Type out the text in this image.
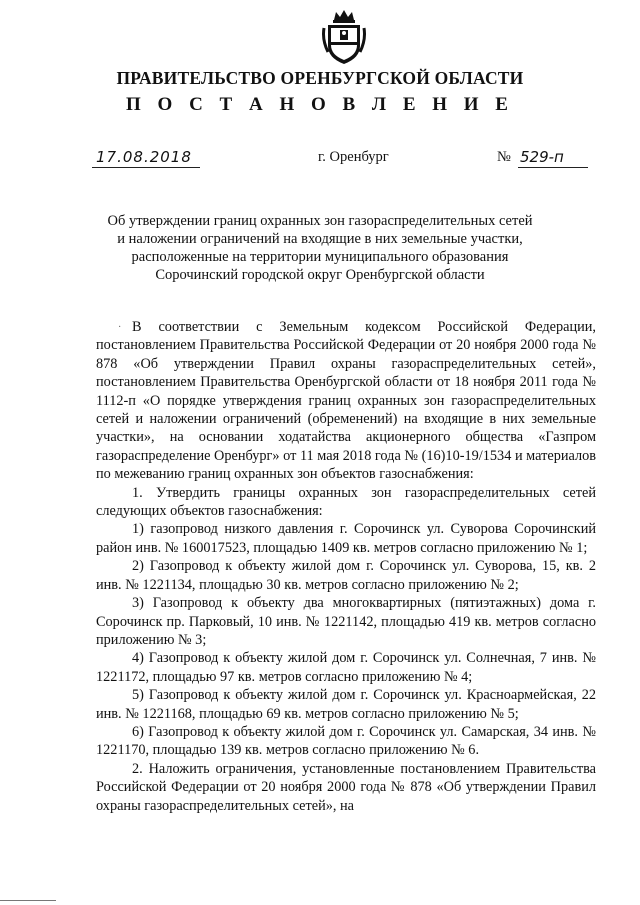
ПРАВИТЕЛЬСТВО ОРЕНБУРГСКОЙ ОБЛАСТИ
П О С Т А Н О В Л Е Н И Е
17.08.2018	г. Оренбург	№ 529-п
Об утверждении границ охранных зон газораспределительных сетей
и наложении ограничений на входящие в них земельные участки,
расположенные на территории муниципального образования
Сорочинский городской округ Оренбургской области
· В соответствии с Земельным кодексом Российской Федерации, постановлением Правительства Российской Федерации от 20 ноября 2000 года № 878 «Об утверждении Правил охраны газораспределительных сетей», постановлением Правительства Оренбургской области от 18 ноября 2011 года № 1112-п «О порядке утверждения границ охранных зон газораспределительных сетей и наложении ограничений (обременений) на входящие в них земельные участки», на основании ходатайства акционерного общества «Газпром газораспределение Оренбург» от 11 мая 2018 года № (16)10-19/1534 и материалов по межеванию границ охранных зон объектов газоснабжения:

1. Утвердить границы охранных зон газораспределительных сетей следующих объектов газоснабжения:

1) газопровод низкого давления г. Сорочинск ул. Суворова Сорочинский район инв. № 160017523, площадью 1409 кв. метров согласно приложению № 1;

2) Газопровод к объекту жилой дом г. Сорочинск ул. Суворова, 15, кв. 2 инв. № 1221134, площадью 30 кв. метров согласно приложению № 2;

3) Газопровод к объекту два многоквартирных (пятиэтажных) дома г. Сорочинск пр. Парковый, 10 инв. № 1221142, площадью 419 кв. метров согласно приложению № 3;

4) Газопровод к объекту жилой дом г. Сорочинск ул. Солнечная, 7 инв. № 1221172, площадью 97 кв. метров согласно приложению № 4;

5) Газопровод к объекту жилой дом г. Сорочинск ул. Красноармейская, 22 инв. № 1221168, площадью 69 кв. метров согласно приложению № 5;

6) Газопровод к объекту жилой дом г. Сорочинск ул. Самарская, 34 инв. № 1221170, площадью 139 кв. метров согласно приложению № 6.

2. Наложить ограничения, установленные постановлением Правительства Российской Федерации от 20 ноября 2000 года № 878 «Об утверждении Правил охраны газораспределительных сетей», на
